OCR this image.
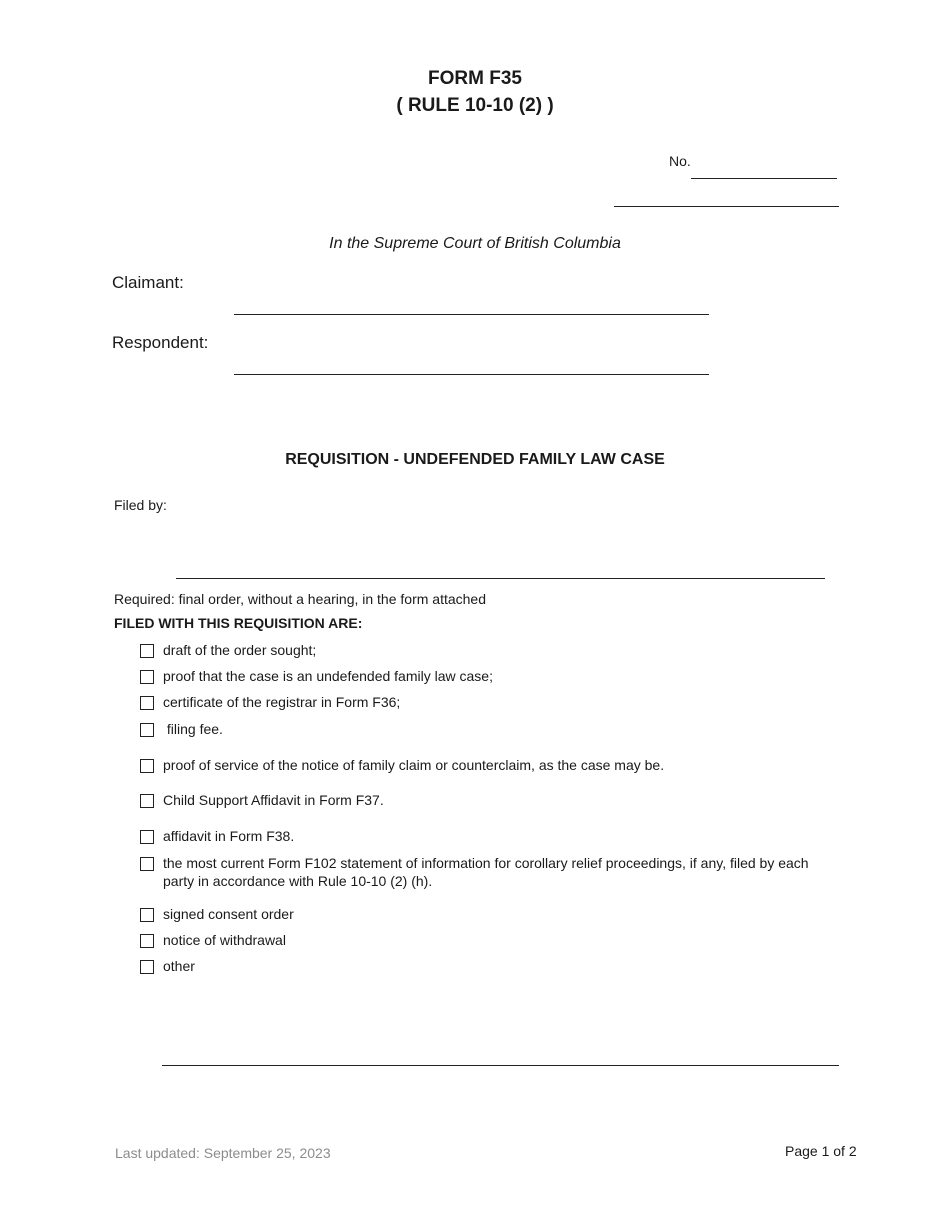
FORM F35
( RULE 10-10 (2) )
No.
In the Supreme Court of British Columbia
Claimant:
Respondent:
REQUISITION - UNDEFENDED FAMILY LAW CASE
Filed by:
Required: final order, without a hearing, in the form attached
FILED WITH THIS REQUISITION ARE:
draft of the order sought;
proof that the case is an undefended family law case;
certificate of the registrar in Form F36;
filing fee.
proof of service of the notice of family claim or counterclaim, as the case may be.
Child Support Affidavit in Form F37.
affidavit in Form F38.
the most current Form F102 statement of information for corollary relief proceedings, if any, filed by each party in accordance with Rule 10-10 (2) (h).
signed consent order
notice of withdrawal
other
Last updated: September 25, 2023	Page 1 of 2
